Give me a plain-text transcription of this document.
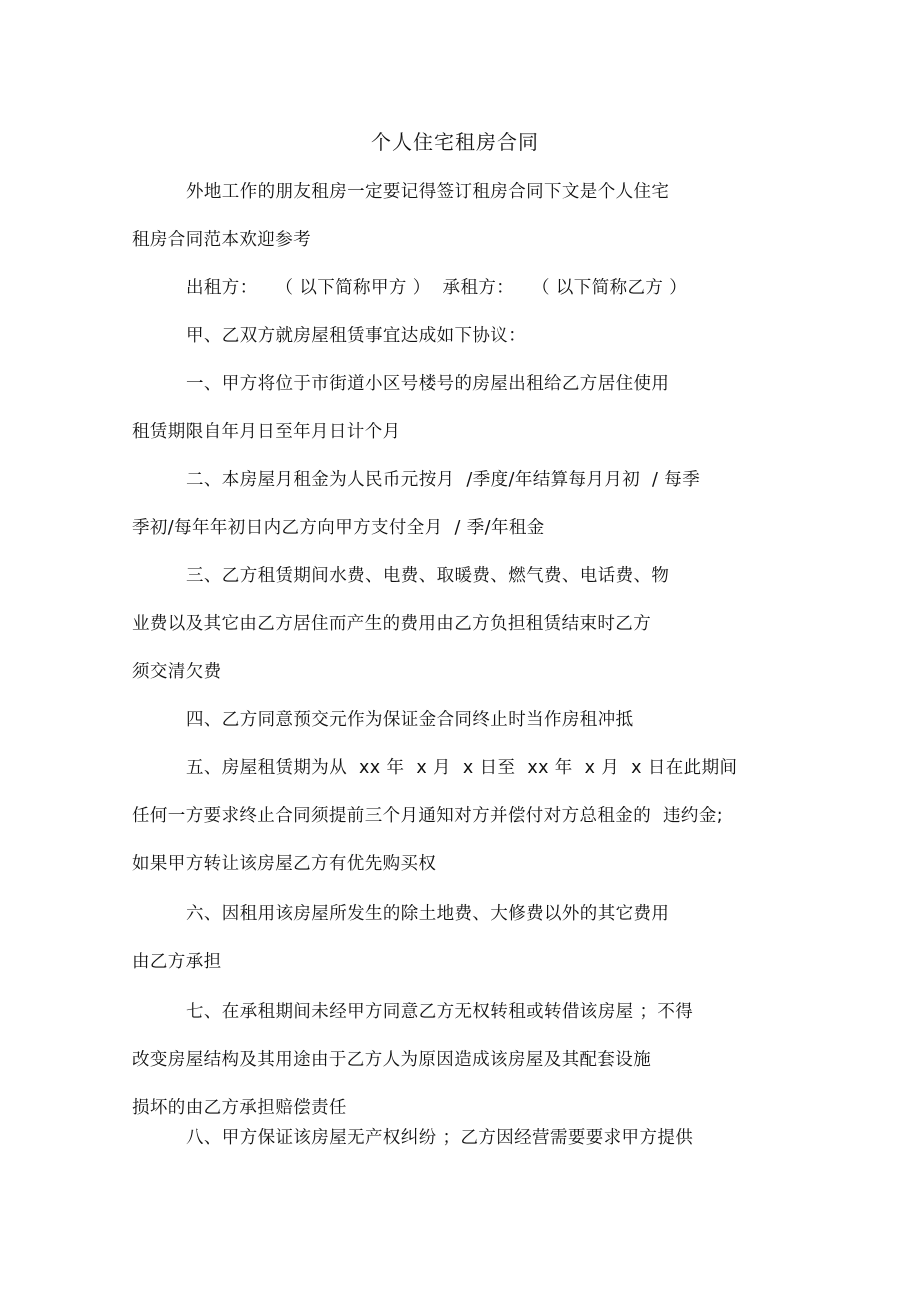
个人住宅租房合同
外地工作的朋友租房一定要记得签订租房合同下文是个人住宅
租房合同范本欢迎参考
出租方：   （ 以下简称甲方 ）  承租方：   （ 以下简称乙方 ）
甲、乙双方就房屋租赁事宜达成如下协议：
一、甲方将位于市街道小区号楼号的房屋出租给乙方居住使用
租赁期限自年月日至年月日计个月
二、本房屋月租金为人民币元按月  /季度/年结算每月月初  / 每季
季初/每年年初日内乙方向甲方支付全月  / 季/年租金
三、乙方租赁期间水费、电费、取暖费、燃气费、电话费、物
业费以及其它由乙方居住而产生的费用由乙方负担租赁结束时乙方
须交清欠费
四、乙方同意预交元作为保证金合同终止时当作房租冲抵
五、房屋租赁期为从  xx 年  x 月  x 日至  xx 年  x 月  x 日在此期间
任何一方要求终止合同须提前三个月通知对方并偿付对方总租金的  违约金;
如果甲方转让该房屋乙方有优先购买权
六、因租用该房屋所发生的除土地费、大修费以外的其它费用
由乙方承担
七、在承租期间未经甲方同意乙方无权转租或转借该房屋 ；不得
改变房屋结构及其用途由于乙方人为原因造成该房屋及其配套设施
损坏的由乙方承担赔偿责任
八、甲方保证该房屋无产权纠纷 ；乙方因经营需要要求甲方提供
